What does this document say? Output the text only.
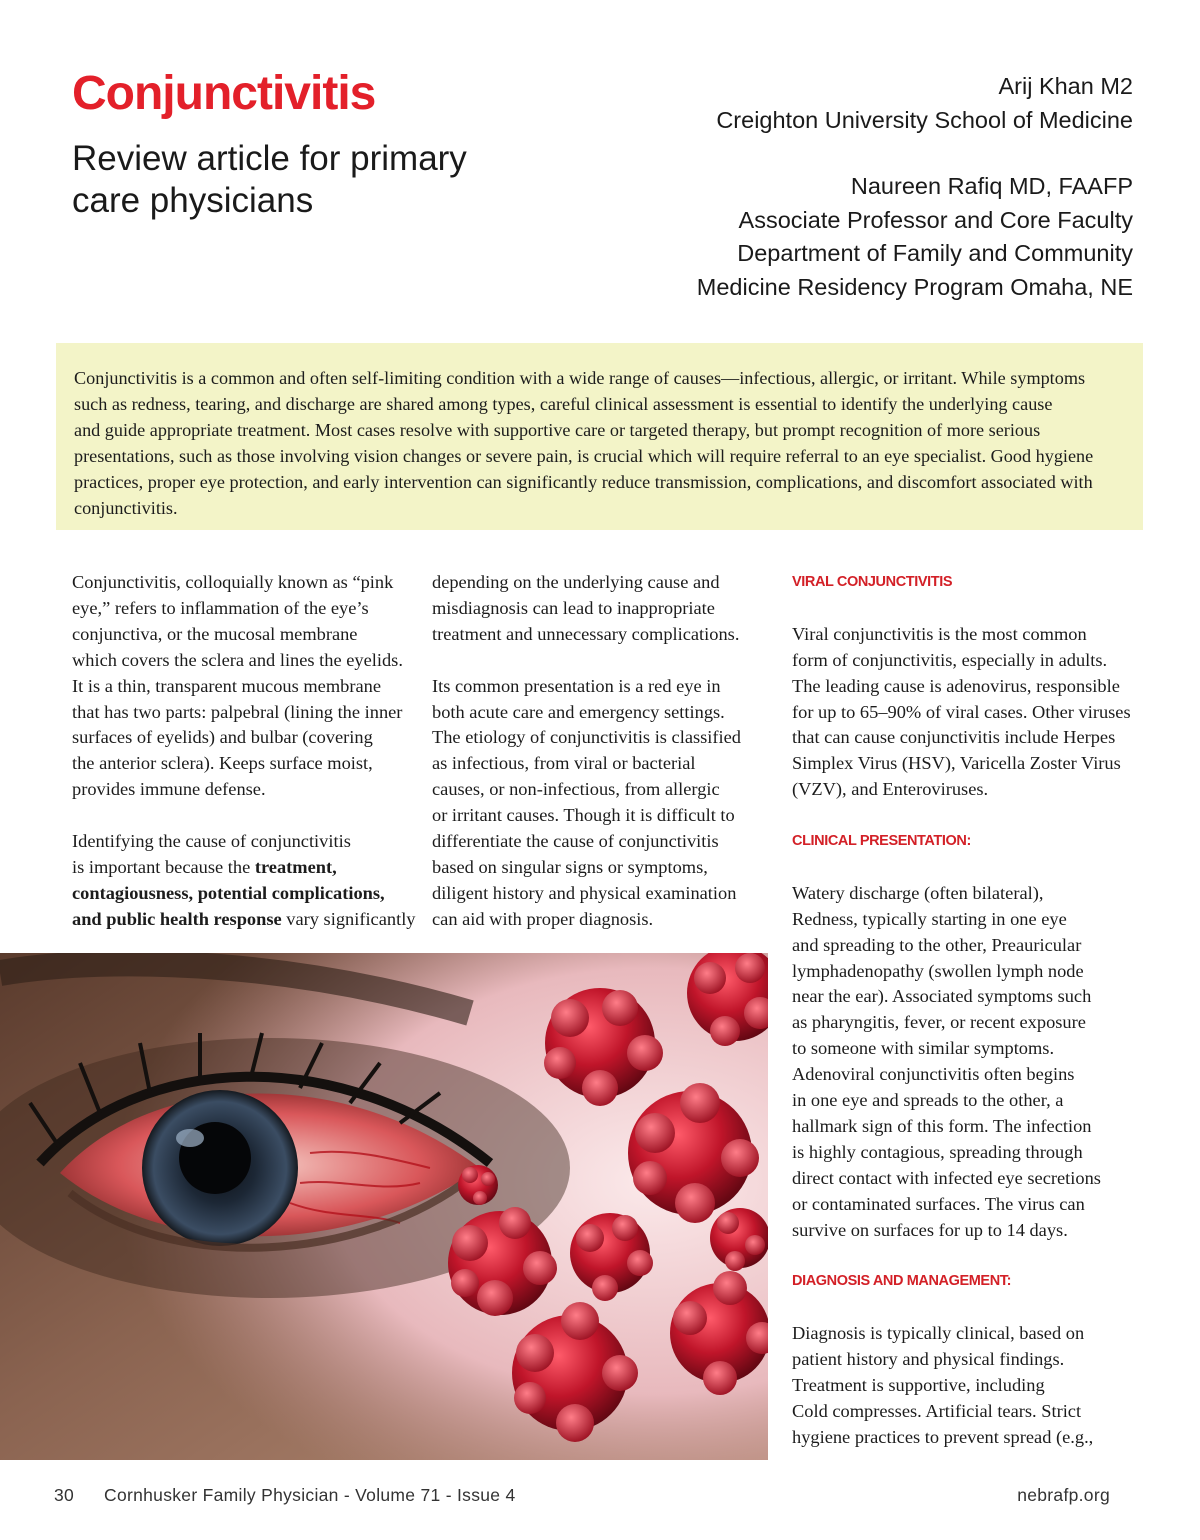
Conjunctivitis
Review article for primary
care physicians
Arij Khan M2
Creighton University School of Medicine
Naureen Rafiq MD, FAAFP
Associate Professor and Core Faculty
Department of Family and Community
Medicine Residency Program Omaha, NE
Conjunctivitis is a common and often self-limiting condition with a wide range of causes—infectious, allergic, or irritant. While symptoms
such as redness, tearing, and discharge are shared among types, careful clinical assessment is essential to identify the underlying cause
and guide appropriate treatment. Most cases resolve with supportive care or targeted therapy, but prompt recognition of more serious
presentations, such as those involving vision changes or severe pain, is crucial which will require referral to an eye specialist. Good hygiene
practices, proper eye protection, and early intervention can significantly reduce transmission, complications, and discomfort associated with
conjunctivitis.

Conjunctivitis, colloquially known as “pink
eye,” refers to inflammation of the eye’s
conjunctiva, or the mucosal membrane
which covers the sclera and lines the eyelids.
It is a thin, transparent mucous membrane
that has two parts: palpebral (lining the inner
surfaces of eyelids) and bulbar (covering
the anterior sclera). Keeps surface moist,
provides immune defense.

Identifying the cause of conjunctivitis
is important because the treatment,
contagiousness, potential complications,
and public health response vary significantly

depending on the underlying cause and
misdiagnosis can lead to inappropriate
treatment and unnecessary complications.

Its common presentation is a red eye in
both acute care and emergency settings.
The etiology of conjunctivitis is classified
as infectious, from viral or bacterial
causes, or non-infectious, from allergic
or irritant causes. Though it is difficult to
differentiate the cause of conjunctivitis
based on singular signs or symptoms,
diligent history and physical examination
can aid with proper diagnosis.

VIRAL CONJUNCTIVITIS

Viral conjunctivitis is the most common
form of conjunctivitis, especially in adults.
The leading cause is adenovirus, responsible
for up to 65–90% of viral cases. Other viruses
that can cause conjunctivitis include Herpes
Simplex Virus (HSV), Varicella Zoster Virus
(VZV), and Enteroviruses.

CLINICAL PRESENTATION:

Watery discharge (often bilateral),
Redness, typically starting in one eye
and spreading to the other, Preauricular
lymphadenopathy (swollen lymph node
near the ear). Associated symptoms such
as pharyngitis, fever, or recent exposure
to someone with similar symptoms.
Adenoviral conjunctivitis often begins
in one eye and spreads to the other, a
hallmark sign of this form. The infection
is highly contagious, spreading through
direct contact with infected eye secretions
or contaminated surfaces. The virus can
survive on surfaces for up to 14 days.

DIAGNOSIS AND MANAGEMENT:

Diagnosis is typically clinical, based on
patient history and physical findings.
Treatment is supportive, including
Cold compresses. Artificial tears. Strict
hygiene practices to prevent spread (e.g.,

30 Cornhusker Family Physician - Volume 71 - Issue 4	nebrafp.org
